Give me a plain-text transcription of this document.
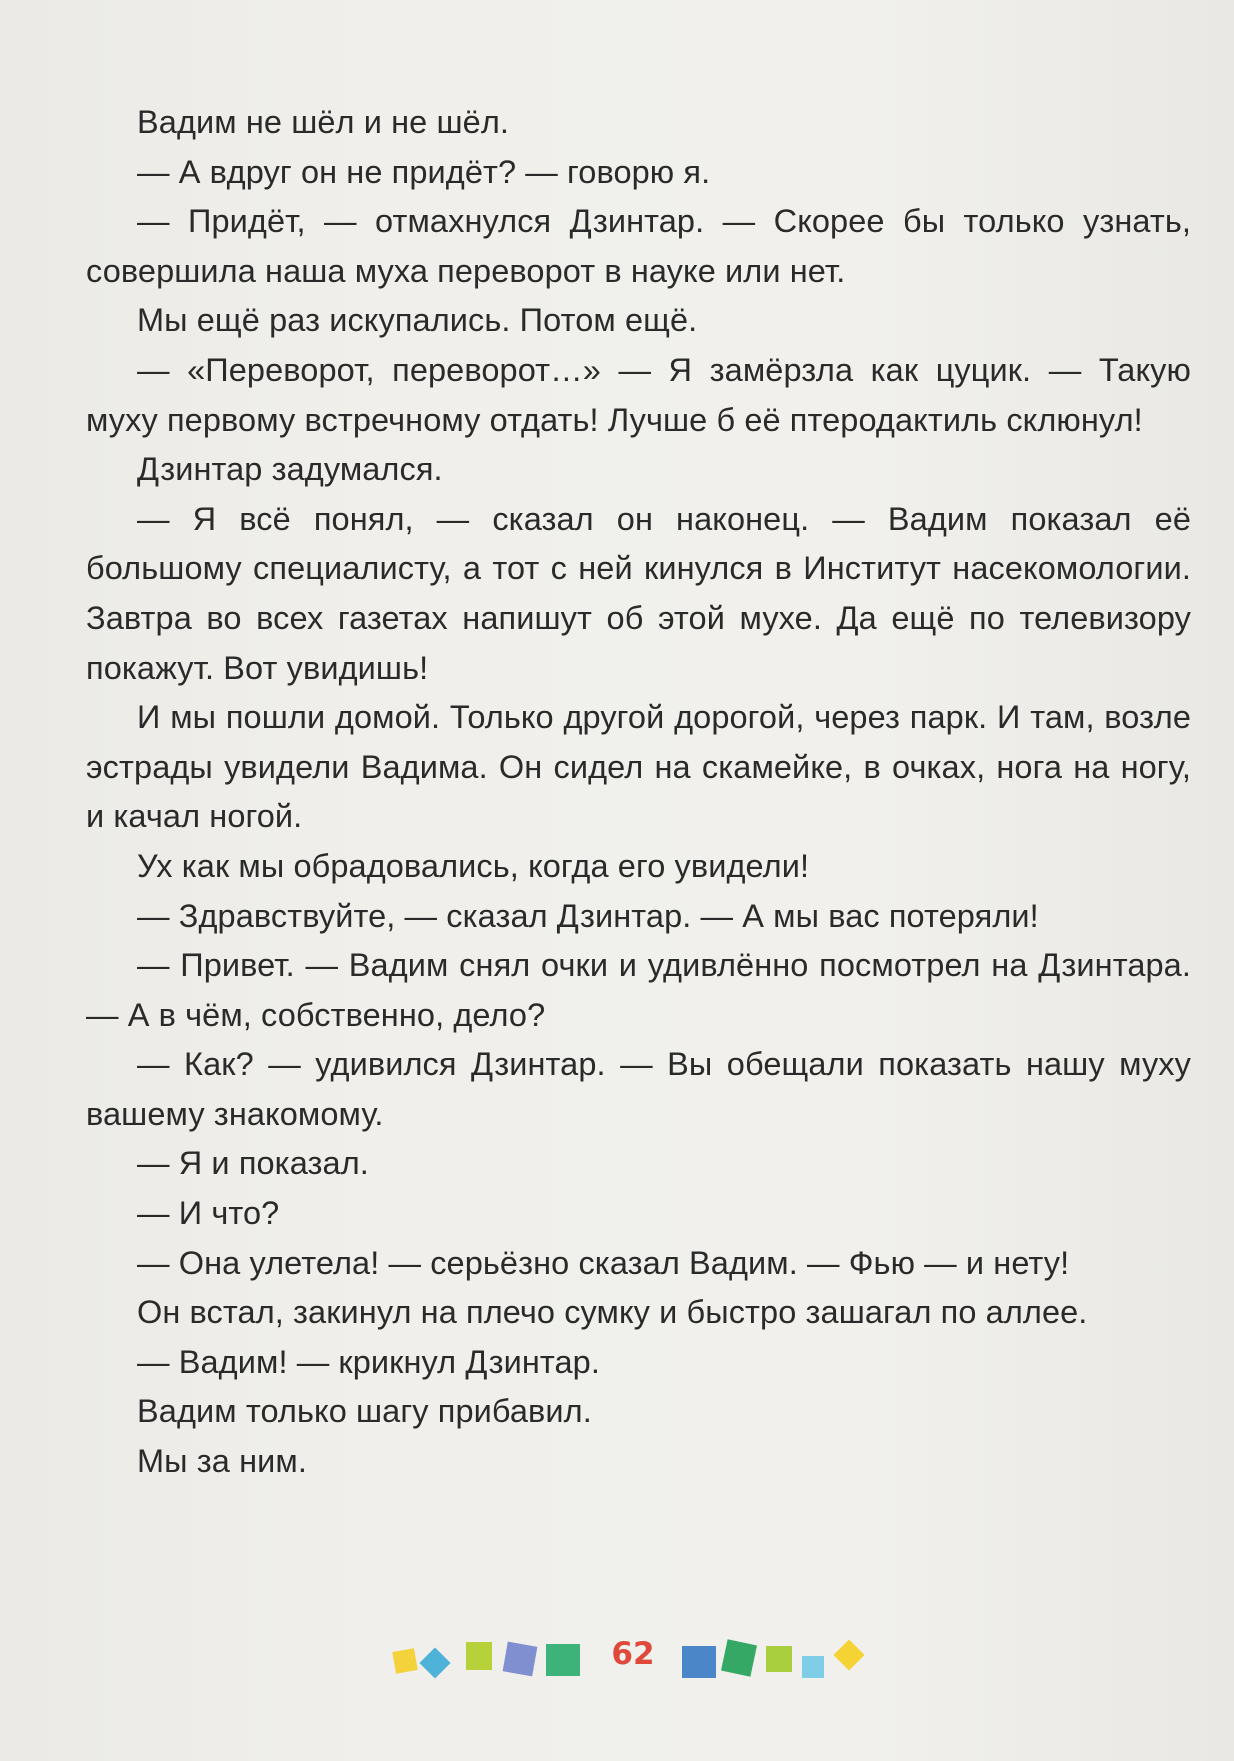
Вадим не шёл и не шёл.

— А вдруг он не придёт? — говорю я.

— Придёт, — отмахнулся Дзинтар. — Скорее бы только узнать, совершила наша муха переворот в науке или нет.

Мы ещё раз искупались. Потом ещё.

— «Переворот, переворот…» — Я замёрзла как цуцик. — Такую муху первому встречному отдать! Лучше б её птеродактиль склюнул!

Дзинтар задумался.

— Я всё понял, — сказал он наконец. — Вадим показал её большому специалисту, а тот с ней кинулся в Институт насекомологии. Завтра во всех газетах напишут об этой мухе. Да ещё по телевизору покажут. Вот увидишь!

И мы пошли домой. Только другой дорогой, через парк. И там, возле эстрады увидели Вадима. Он сидел на скамейке, в очках, нога на ногу, и качал ногой.

Ух как мы обрадовались, когда его увидели!

— Здравствуйте, — сказал Дзинтар. — А мы вас потеряли!

— Привет. — Вадим снял очки и удивлённо посмотрел на Дзинтара. — А в чём, собственно, дело?

— Как? — удивился Дзинтар. — Вы обещали показать нашу муху вашему знакомому.

— Я и показал.

— И что?

— Она улетела! — серьёзно сказал Вадим. — Фью — и нету!

Он встал, закинул на плечо сумку и быстро зашагал по аллее.

— Вадим! — крикнул Дзинтар.

Вадим только шагу прибавил.

Мы за ним.

62
